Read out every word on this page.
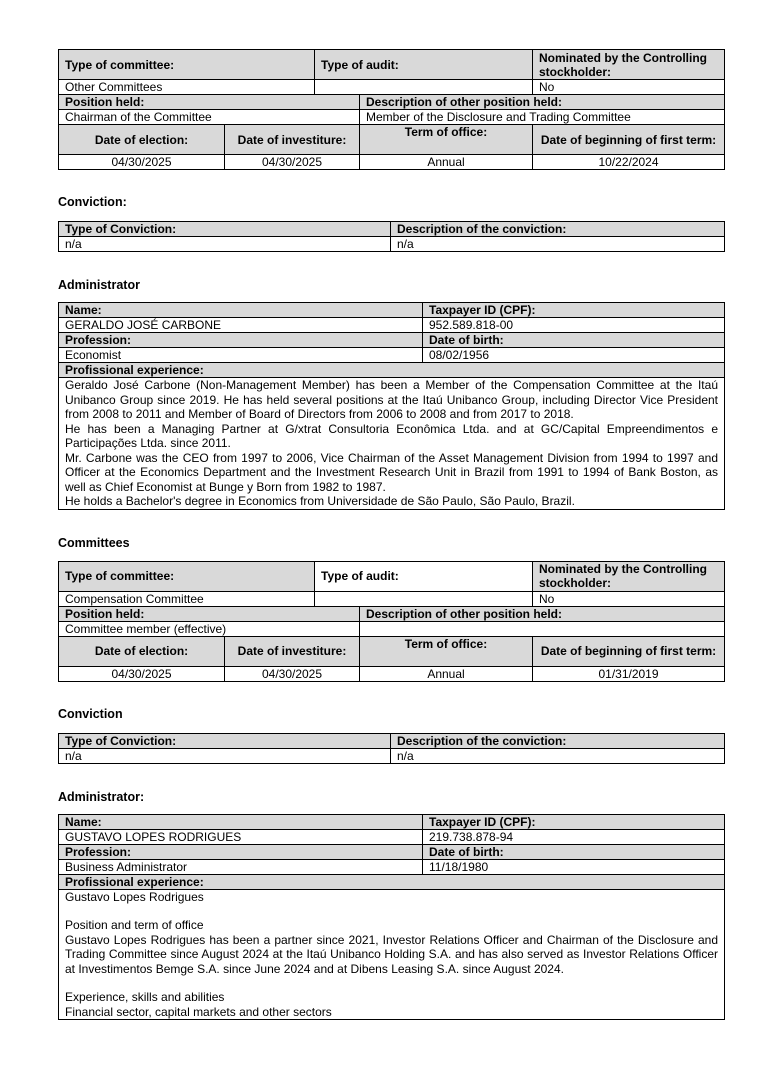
Type of committee:		Type of audit:		Nominated by the Controlling stockholder:
Other Committees				No
Position held:			Description of other position held:	
Chairman of the Committee			Member of the Disclosure and Trading Committee	
Date of election:	Date of investiture:		Term of office:	Date of beginning of first term:
04/30/2025	04/30/2025		Annual	10/22/2024

Conviction:

Type of Conviction:	Description of the conviction:
n/a	n/a

Administrator

Name:	Taxpayer ID (CPF):
GERALDO JOSÉ CARBONE	952.589.818-00
Profession:	Date of birth:
Economist	08/02/1956
Profissional experience:	

Geraldo José Carbone (Non-Management Member) has been a Member of the Compensation Committee at the Itaú Unibanco Group since 2019. He has held several positions at the Itaú Unibanco Group, including Director Vice President from 2008 to 2011 and Member of Board of Directors from 2006 to 2008 and from 2017 to 2018.
He has been a Managing Partner at G/xtrat Consultoria Econômica Ltda. and at GC/Capital Empreendimentos e Participações Ltda. since 2011.
Mr. Carbone was the CEO from 1997 to 2006, Vice Chairman of the Asset Management Division from 1994 to 1997 and Officer at the Economics Department and the Investment Research Unit in Brazil from 1991 to 1994 of Bank Boston, as well as Chief Economist at Bunge y Born from 1982 to 1987.
He holds a Bachelor's degree in Economics from Universidade de São Paulo, São Paulo, Brazil.	

Committees

Type of committee:		Type of audit:		Nominated by the Controlling stockholder:
Compensation Committee				No
Position held:			Description of other position held:	
Committee member (effective)				
Date of election:	Date of investiture:		Term of office:	Date of beginning of first term:
04/30/2025	04/30/2025		Annual	01/31/2019

Conviction

Type of Conviction:	Description of the conviction:
n/a	n/a

Administrator:

Name:	Taxpayer ID (CPF):
GUSTAVO LOPES RODRIGUES	219.738.878-94
Profession:	Date of birth:
Business Administrator	11/18/1980
Profissional experience:	

Gustavo Lopes Rodrigues
Position and term of office
Gustavo Lopes Rodrigues has been a partner since 2021, Investor Relations Officer and Chairman of the Disclosure and Trading Committee since August 2024 at the Itaú Unibanco Holding S.A. and has also served as Investor Relations Officer at Investimentos Bemge S.A. since June 2024 and at Dibens Leasing S.A. since August 2024.
Experience, skills and abilities
Financial sector, capital markets and other sectors	
